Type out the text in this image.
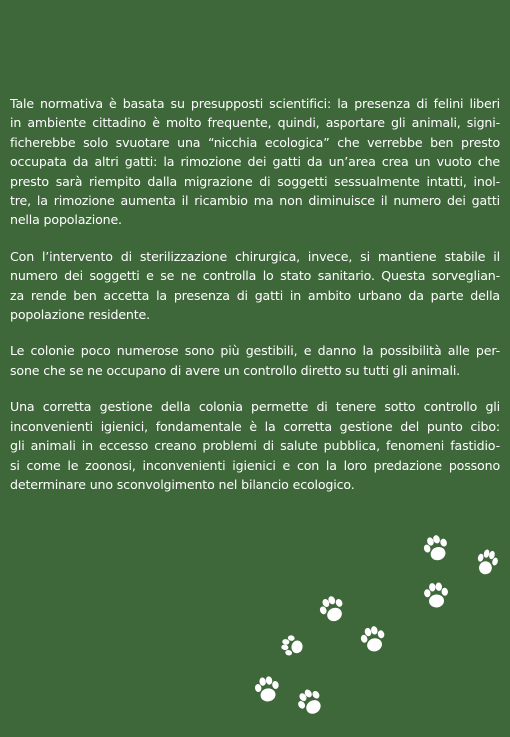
Tale normativa è basata su presupposti scientifici: la presenza di felini liberi
in ambiente cittadino è molto frequente, quindi, asportare gli animali, signi-
ficherebbe solo svuotare una “nicchia ecologica” che verrebbe ben presto
occupata da altri gatti: la rimozione dei gatti da un’area crea un vuoto che
presto sarà riempito dalla migrazione di soggetti sessualmente intatti, inol-
tre, la rimozione aumenta il ricambio ma non diminuisce il numero dei gatti
nella popolazione.

Con l’intervento di sterilizzazione chirurgica, invece, si mantiene stabile il
numero dei soggetti e se ne controlla lo stato sanitario. Questa sorveglian-
za rende ben accetta la presenza di gatti in ambito urbano da parte della
popolazione residente.

Le colonie poco numerose sono più gestibili, e danno la possibilità alle per-
sone che se ne occupano di avere un controllo diretto su tutti gli animali.

Una corretta gestione della colonia permette di tenere sotto controllo gli
inconvenienti igienici, fondamentale è la corretta gestione del punto cibo:
gli animali in eccesso creano problemi di salute pubblica, fenomeni fastidio-
si come le zoonosi, inconvenienti igienici e con la loro predazione possono
determinare uno sconvolgimento nel bilancio ecologico.
